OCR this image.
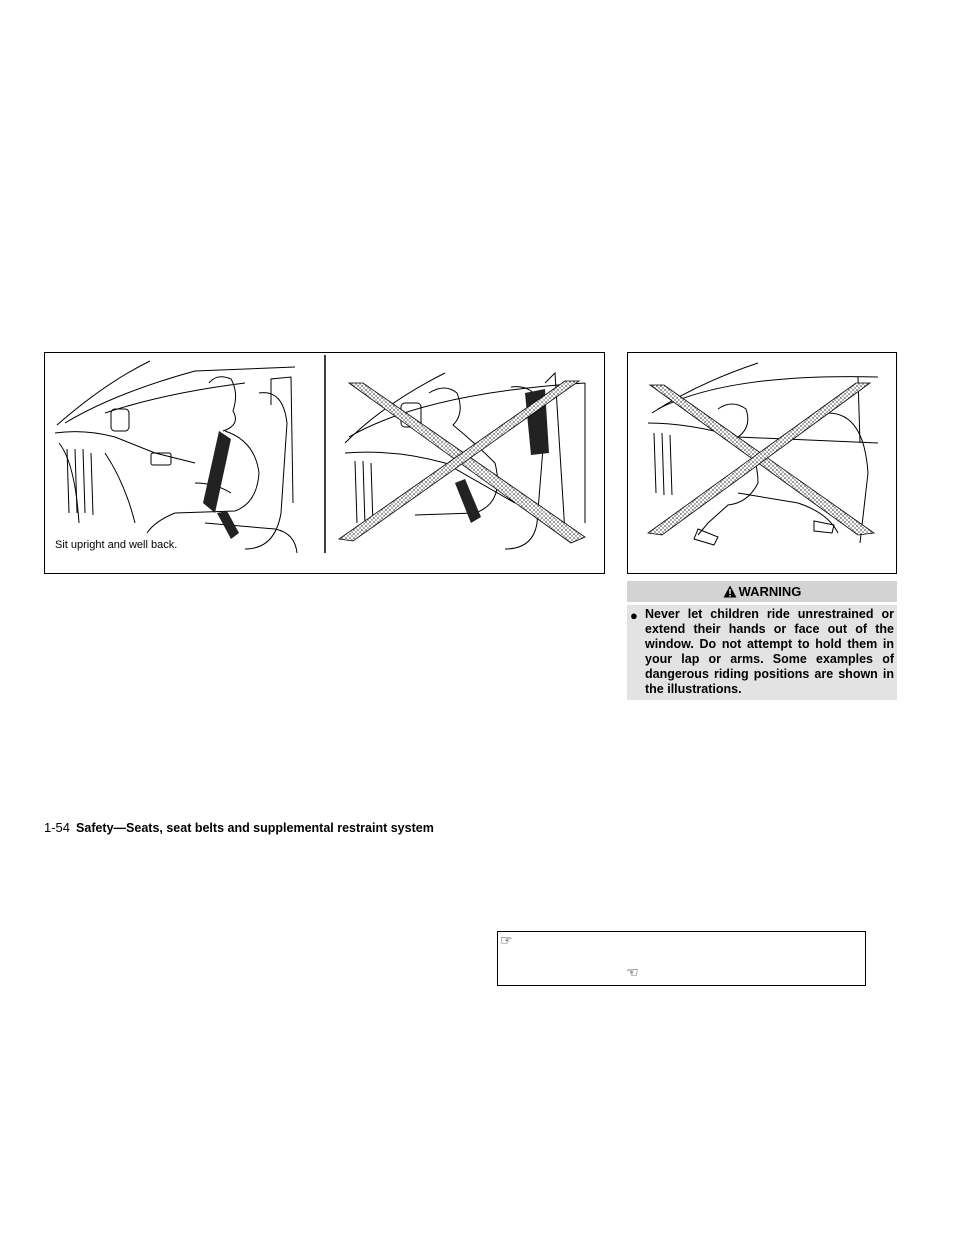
Sit upright and well back.
WARNING
● Never let children ride unrestrained or extend their hands or face out of the window. Do not attempt to hold them in your lap or arms. Some examples of dangerous riding positions are shown in the illustrations.
1-54 Safety—Seats, seat belts and supplemental restraint system
☞
☜
